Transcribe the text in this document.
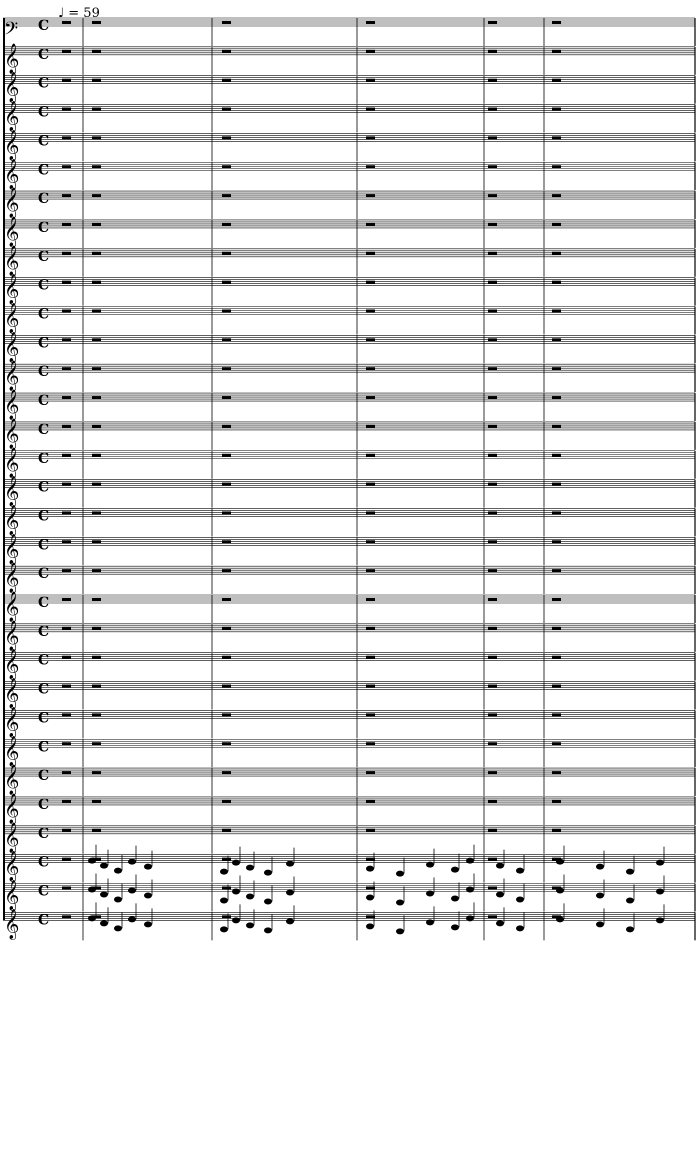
♩ = 59
𝄢 C
𝄞 C
𝄞 C
𝄞 C
𝄞 C
𝄞 C
𝄞 C
𝄞 C
𝄞 C
𝄞 C
𝄞 C
𝄞 C
𝄞 C
𝄞 C
𝄞 C
𝄞 C
𝄞 C
𝄞 C
𝄞 C
𝄞 C
𝄞 C
𝄞 C
𝄞 C
𝄞 C
𝄞 C
𝄞 C
𝄞 C
𝄞 C
𝄞 C
𝄞 C
𝄞 C
𝄞 C
